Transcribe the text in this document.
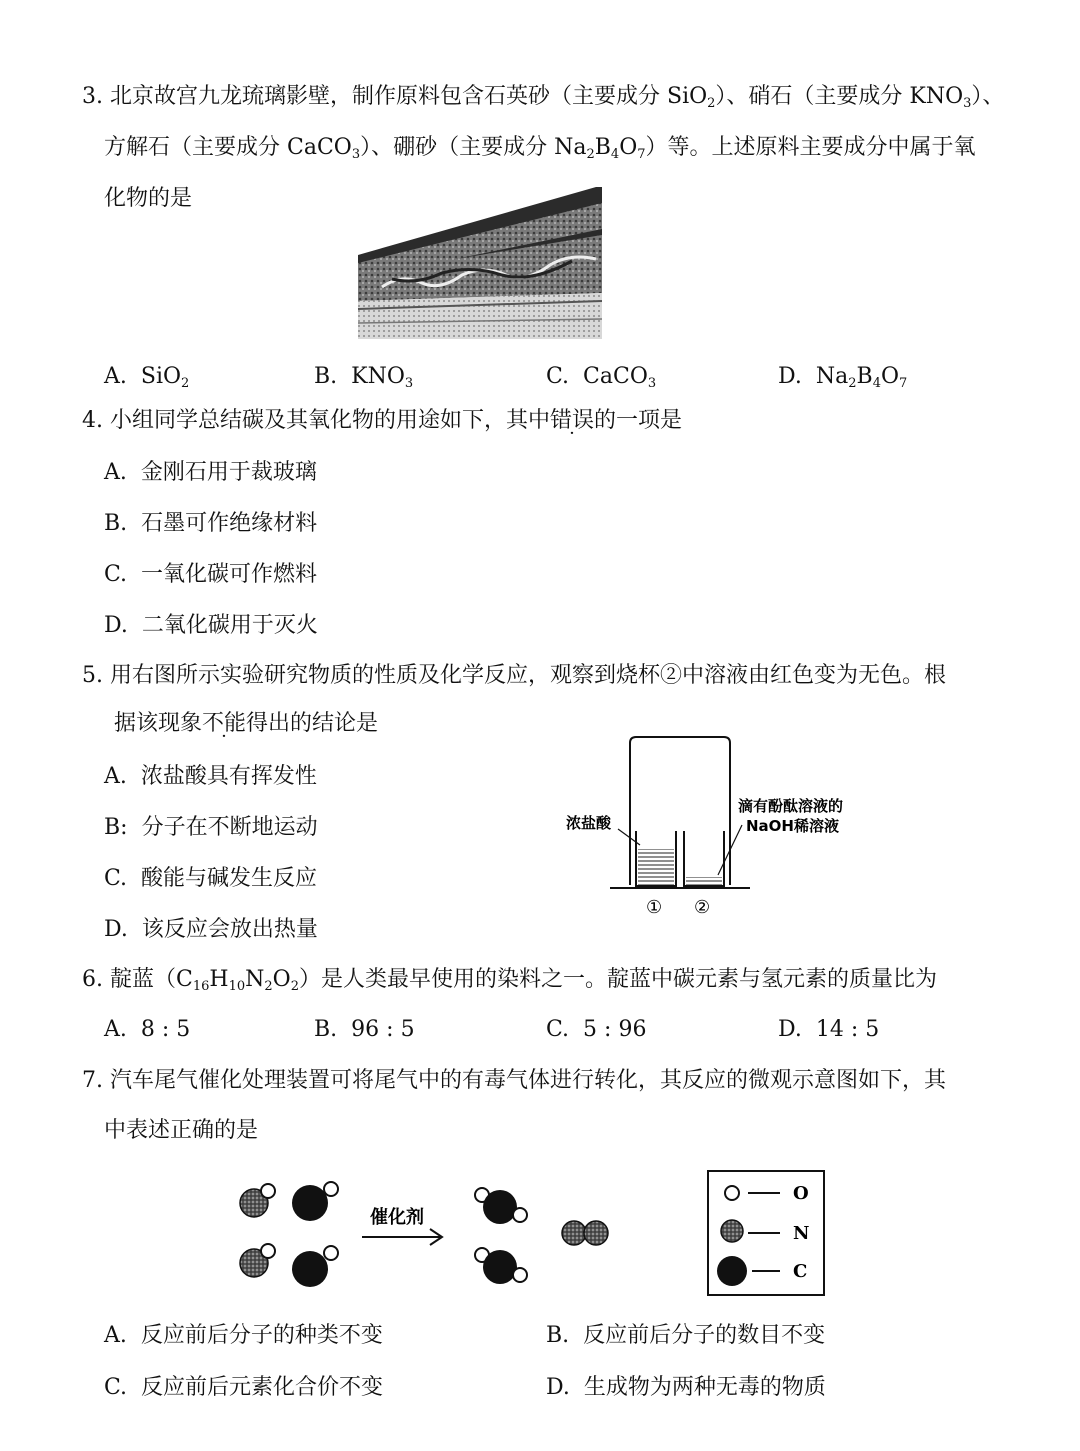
3. 北京故宫九龙琉璃影壁，制作原料包含石英砂（主要成分 SiO$_2$）、硝石（主要成分 $KNO_3$）、
方解石（主要成分 CaCO$_3$）、硼砂（主要成分 $Na_2B_4O_7$）等。上述原料主要成分中属于氧
化物的是
A. SiO$_2$	B. $KNO_3$	C. CaCO$_3$	D. $Na_2B_4O_7$
4. 小组同学总结碳及其氧化物的用途如下，其中错误的一项是
A. 金刚石用于裁玻璃
B. 石墨可作绝缘材料
C. 一氧化碳可作燃料
D. 二氧化碳用于灭火
5. 用右图所示实验研究物质的性质及化学反应，观察到烧杯②中溶液由红色变为无色。根
据该现象不能得出的结论是
A. 浓盐酸具有挥发性
B: 分子在不断地运动
C. 酸能与碱发生反应
D. 该反应会放出热量
浓盐酸
滴有酚酞溶液的
NaOH稀溶液
① ②
6. 靛蓝$(C_{16}H_{10}N_2O_2)$是人类最早使用的染料之一。靛蓝中碳元素与氢元素的质量比为
A. 8 : 5	B. 96 : 5	C. 5 : 96	D. 14 : 5
7. 汽车尾气催化处理装置可将尾气中的有毒气体进行转化，其反应的微观示意图如下，其
中表述正确的是
催化剂
O
N
C
A. 反应前后分子的种类不变	B. 反应前后分子的数目不变
C. 反应前后元素化合价不变	D. 生成物为两种无毒的物质
